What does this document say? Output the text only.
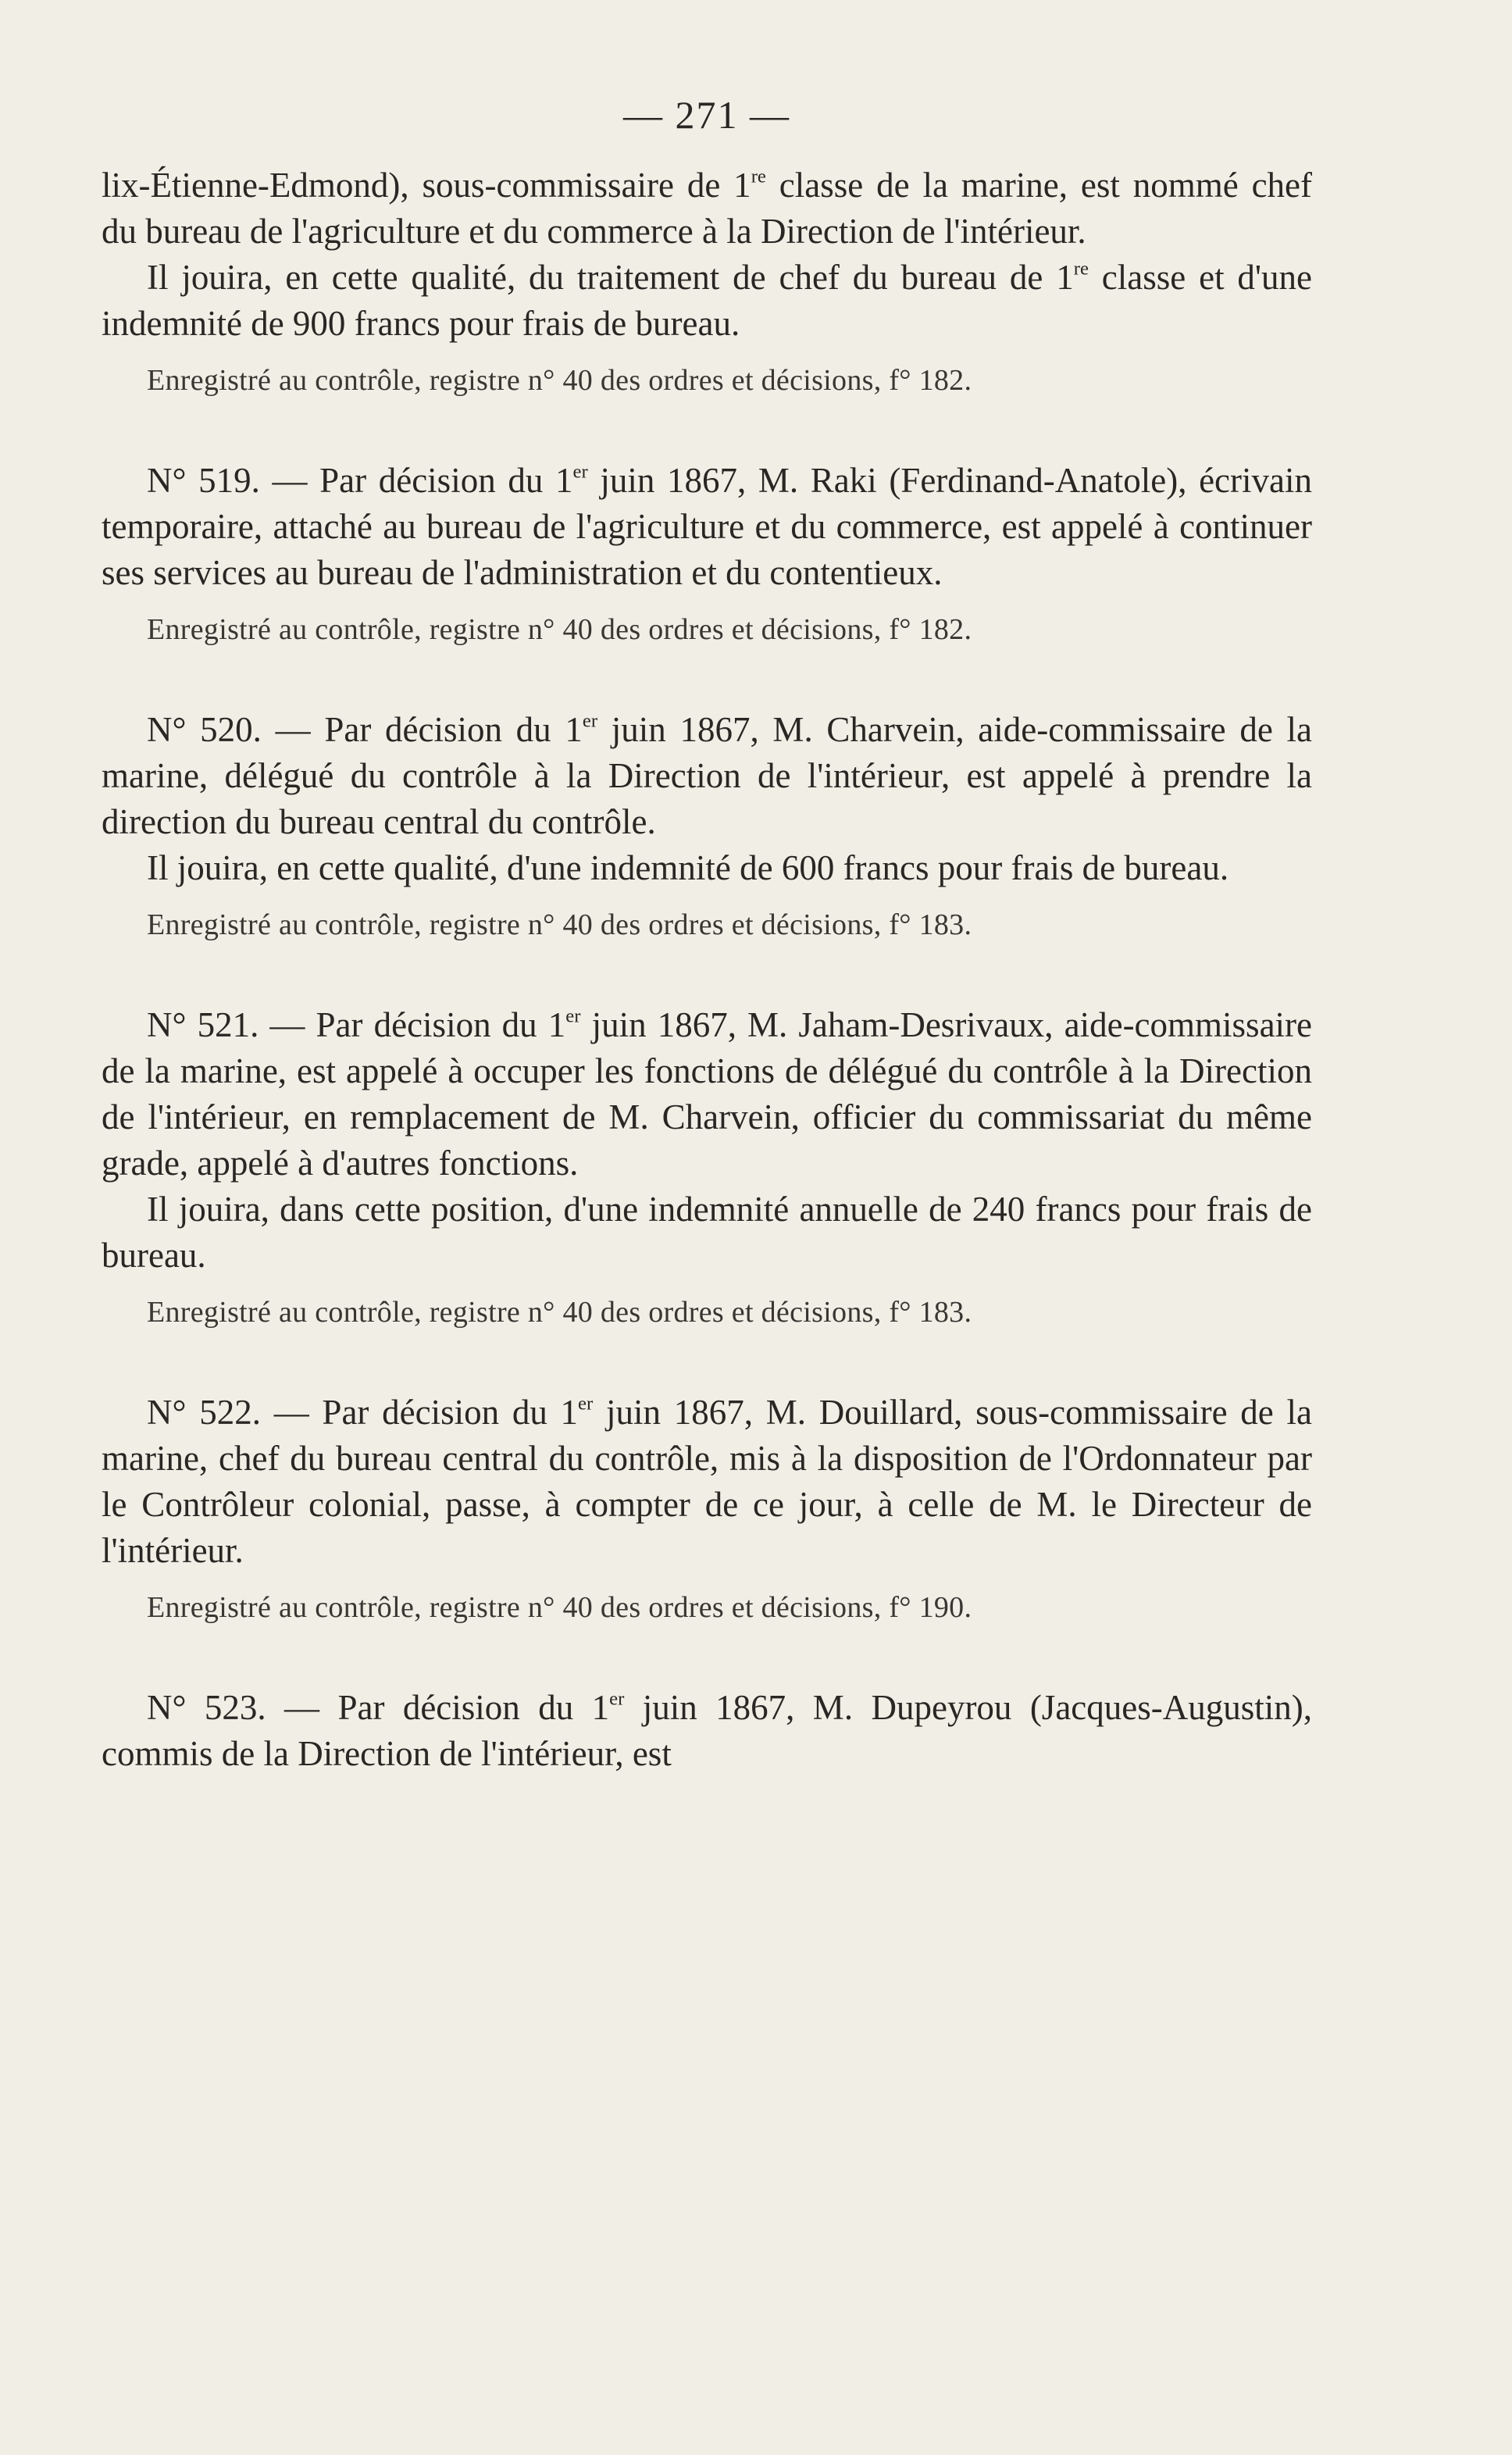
— 271 —

lix-Étienne-Edmond), sous-commissaire de 1re classe de la marine, est nommé chef du bureau de l'agriculture et du commerce à la Direction de l'intérieur.

Il jouira, en cette qualité, du traitement de chef du bureau de 1re classe et d'une indemnité de 900 francs pour frais de bureau.

Enregistré au contrôle, registre n° 40 des ordres et décisions, f° 182.

N° 519. — Par décision du 1er juin 1867, M. Raki (Ferdinand-Anatole), écrivain temporaire, attaché au bureau de l'agriculture et du commerce, est appelé à continuer ses services au bureau de l'administration et du contentieux.

Enregistré au contrôle, registre n° 40 des ordres et décisions, f° 182.

N° 520. — Par décision du 1er juin 1867, M. Charvein, aide-commissaire de la marine, délégué du contrôle à la Direction de l'intérieur, est appelé à prendre la direction du bureau central du contrôle.

Il jouira, en cette qualité, d'une indemnité de 600 francs pour frais de bureau.

Enregistré au contrôle, registre n° 40 des ordres et décisions, f° 183.

N° 521. — Par décision du 1er juin 1867, M. Jaham-Desrivaux, aide-commissaire de la marine, est appelé à occuper les fonctions de délégué du contrôle à la Direction de l'intérieur, en remplacement de M. Charvein, officier du commissariat du même grade, appelé à d'autres fonctions.

Il jouira, dans cette position, d'une indemnité annuelle de 240 francs pour frais de bureau.

Enregistré au contrôle, registre n° 40 des ordres et décisions, f° 183.

N° 522. — Par décision du 1er juin 1867, M. Douillard, sous-commissaire de la marine, chef du bureau central du contrôle, mis à la disposition de l'Ordonnateur par le Contrôleur colonial, passe, à compter de ce jour, à celle de M. le Directeur de l'intérieur.

Enregistré au contrôle, registre n° 40 des ordres et décisions, f° 190.

N° 523. — Par décision du 1er juin 1867, M. Dupeyrou (Jacques-Augustin), commis de la Direction de l'intérieur, est
